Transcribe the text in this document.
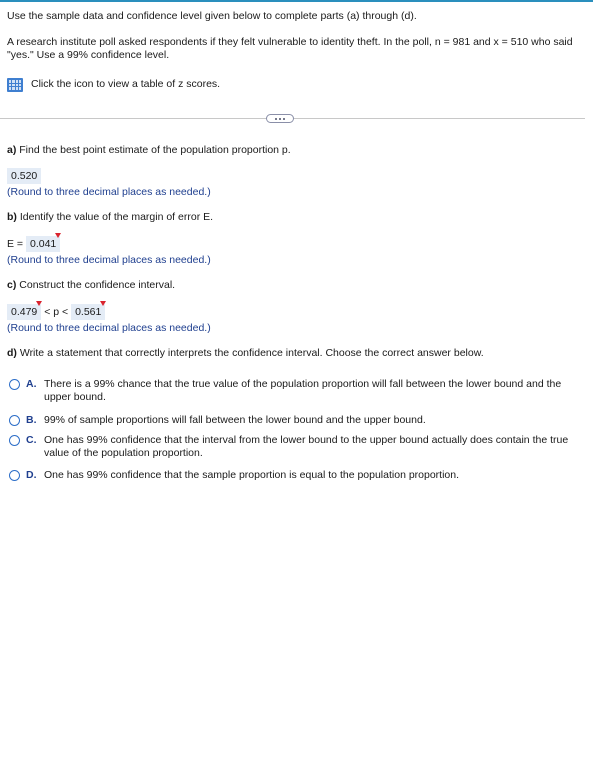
Use the sample data and confidence level given below to complete parts (a) through (d).
A research institute poll asked respondents if they felt vulnerable to identity theft. In the poll, n = 981 and x = 510 who said "yes." Use a 99% confidence level.
Click the icon to view a table of z scores.
a) Find the best point estimate of the population proportion p.
0.520
(Round to three decimal places as needed.)
b) Identify the value of the margin of error E.
E = 0.041
(Round to three decimal places as needed.)
c) Construct the confidence interval.
0.479 < p < 0.561
(Round to three decimal places as needed.)
d) Write a statement that correctly interprets the confidence interval. Choose the correct answer below.
A. There is a 99% chance that the true value of the population proportion will fall between the lower bound and the upper bound.
B. 99% of sample proportions will fall between the lower bound and the upper bound.
C. One has 99% confidence that the interval from the lower bound to the upper bound actually does contain the true value of the population proportion.
D. One has 99% confidence that the sample proportion is equal to the population proportion.
